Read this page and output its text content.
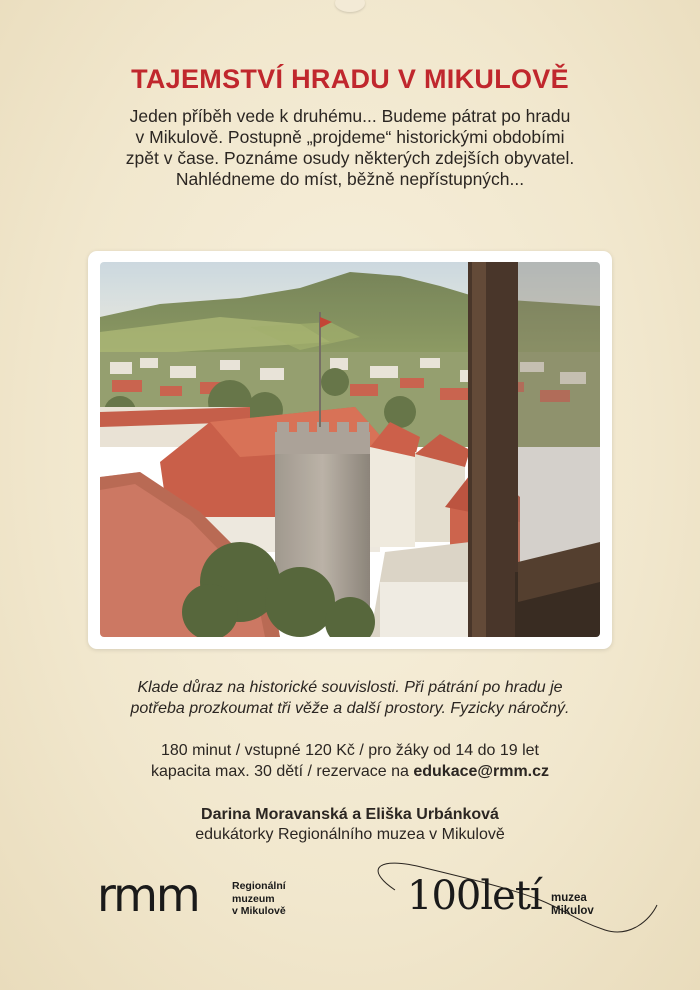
TAJEMSTVÍ HRADU V MIKULOVĚ

Jeden příběh vede k druhému... Budeme pátrat po hradu
v Mikulově. Postupně „projdeme“ historickými obdobími
zpět v čase. Poznáme osudy některých zdejších obyvatel.
Nahlédneme do míst, běžně nepřístupných...

Klade důraz na historické souvislosti. Při pátrání po hradu je
potřeba prozkoumat tři věže a další prostory. Fyzicky náročný.

180 minut / vstupné 120 Kč / pro žáky od 14 do 19 let
kapacita max. 30 dětí / rezervace na edukace@rmm.cz
Darina Moravanská a Eliška Urbánková
edukátorky Regionálního muzea v Mikulově
rmm	Regionální
muzeum
v Mikulově	100letí muzea
Mikulov
